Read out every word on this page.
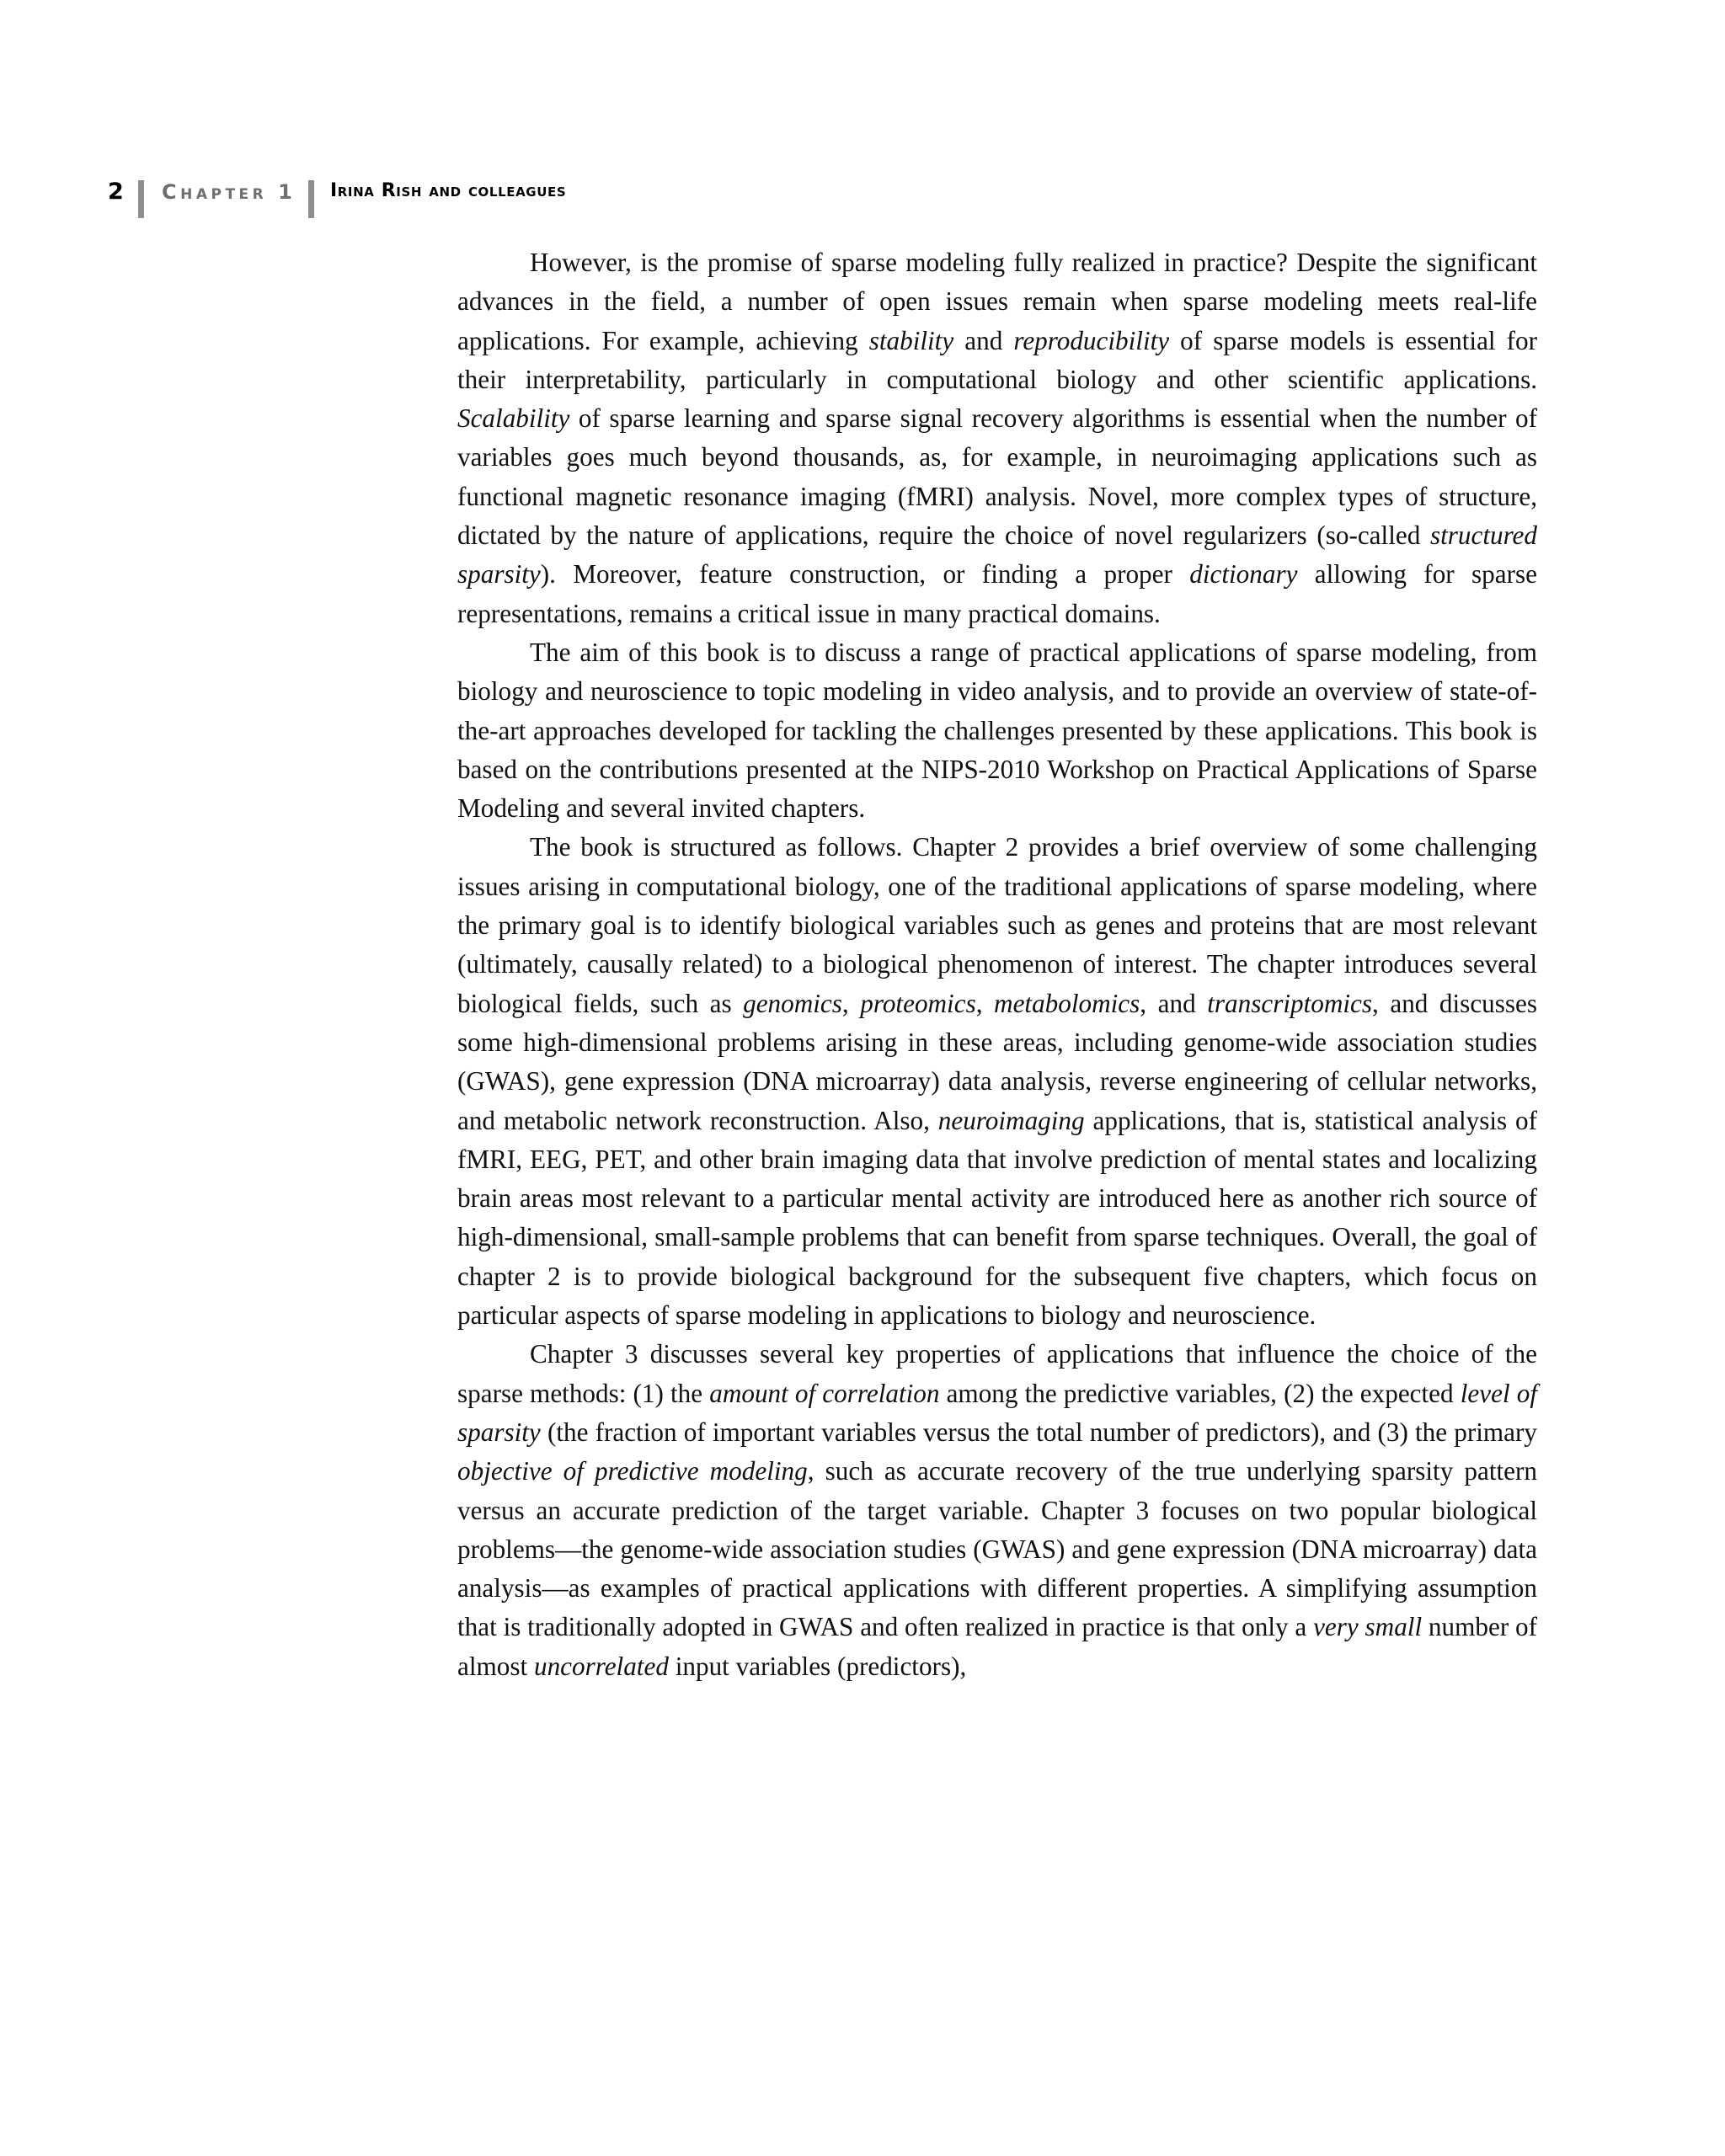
2 Chapter 1 Irina Rish and colleagues

However, is the promise of sparse modeling fully realized in practice? Despite the significant advances in the field, a number of open issues remain when sparse modeling meets real-life applications. For example, achieving stability and reproducibility of sparse models is essential for their interpretability, particularly in computational biology and other scientific applications. Scalability of sparse learning and sparse signal recovery algorithms is essential when the number of variables goes much beyond thousands, as, for example, in neuroimaging applications such as functional magnetic resonance imaging (fMRI) analysis. Novel, more complex types of structure, dictated by the nature of applications, require the choice of novel regularizers (so-called structured sparsity). Moreover, feature construction, or finding a proper dictionary allowing for sparse representations, remains a critical issue in many practical domains.

The aim of this book is to discuss a range of practical applications of sparse modeling, from biology and neuroscience to topic modeling in video analysis, and to provide an overview of state-of-the-art approaches developed for tackling the challenges presented by these applications. This book is based on the contributions presented at the NIPS-2010 Workshop on Practical Applications of Sparse Modeling and several invited chapters.

The book is structured as follows. Chapter 2 provides a brief overview of some challenging issues arising in computational biology, one of the traditional applications of sparse modeling, where the primary goal is to identify biological variables such as genes and proteins that are most relevant (ultimately, causally related) to a biological phenomenon of interest. The chapter introduces several biological fields, such as genomics, proteomics, metabolomics, and transcriptomics, and discusses some high-dimensional problems arising in these areas, including genome-wide association studies (GWAS), gene expression (DNA microarray) data analysis, reverse engineering of cellular networks, and metabolic network reconstruction. Also, neuroimaging applications, that is, statistical analysis of fMRI, EEG, PET, and other brain imaging data that involve prediction of mental states and localizing brain areas most relevant to a particular mental activity are introduced here as another rich source of high-dimensional, small-sample problems that can benefit from sparse techniques. Overall, the goal of chapter 2 is to provide biological background for the subsequent five chapters, which focus on particular aspects of sparse modeling in applications to biology and neuroscience.

Chapter 3 discusses several key properties of applications that influence the choice of the sparse methods: (1) the amount of correlation among the predictive variables, (2) the expected level of sparsity (the fraction of important variables versus the total number of predictors), and (3) the primary objective of predictive modeling, such as accurate recovery of the true underlying sparsity pattern versus an accurate prediction of the target variable. Chapter 3 focuses on two popular biological problems—the genome-wide association studies (GWAS) and gene expression (DNA microarray) data analysis—as examples of practical applications with different properties. A simplifying assumption that is traditionally adopted in GWAS and often realized in practice is that only a very small number of almost uncorrelated input variables (predictors),
